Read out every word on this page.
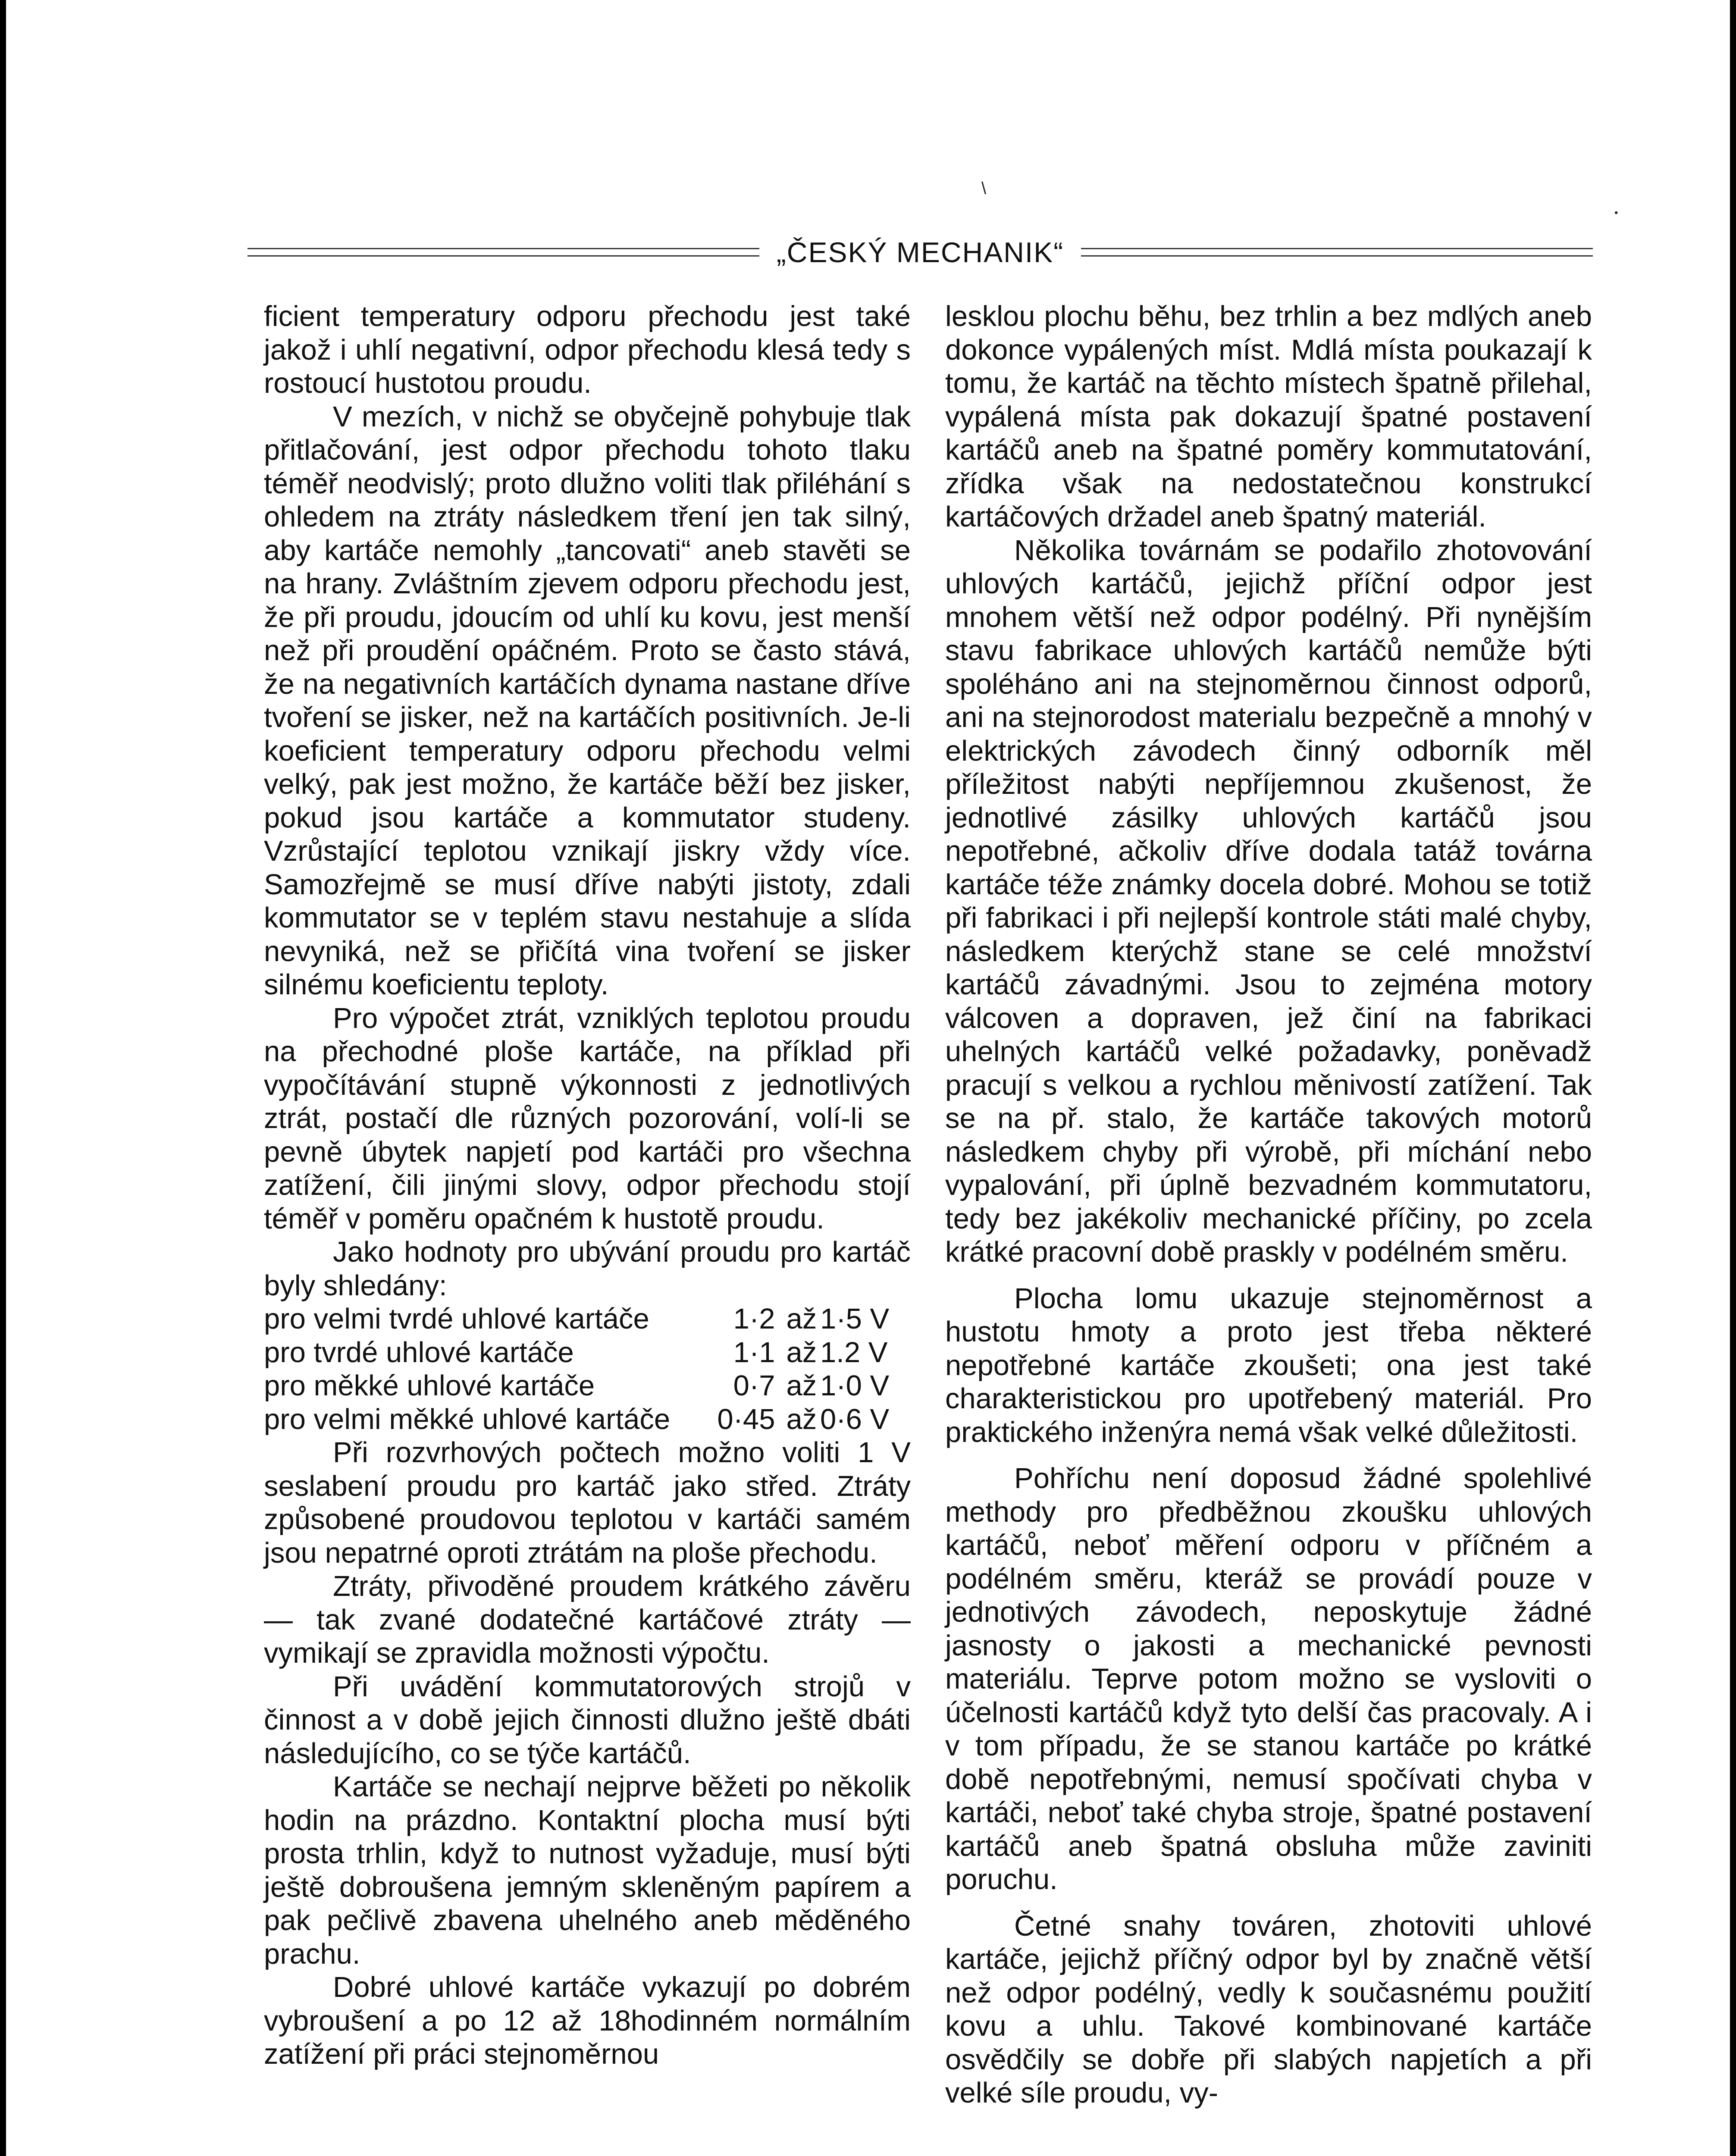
\
•
„ČESKÝ MECHANIK“

ficient temperatury odporu přechodu jest také jakož i uhlí negativní, odpor přechodu klesá tedy s rostoucí hustotou proudu.

V mezích, v nichž se obyčejně pohybuje tlak přitlačování, jest odpor přechodu tohoto tlaku téměř neodvislý; proto dlužno voliti tlak přiléhání s ohledem na ztráty následkem tření jen tak silný, aby kartáče nemohly „tancovati“ aneb stavěti se na hrany. Zvláštním zjevem odporu přechodu jest, že při proudu, jdoucím od uhlí ku kovu, jest menší než při proudění opáčném. Proto se často stává, že na negativních kartáčích dynama nastane dříve tvoření se jisker, než na kartáčích positivních. Je-li koeficient temperatury odporu přechodu velmi velký, pak jest možno, že kartáče běží bez jisker, pokud jsou kartáče a kommutator studeny. Vzrůstající teplotou vznikají jiskry vždy více. Samozřejmě se musí dříve nabýti jistoty, zdali kommutator se v teplém stavu nestahuje a slída nevyniká, než se přičítá vina tvoření se jisker silnému koeficientu teploty.

Pro výpočet ztrát, vzniklých teplotou proudu na přechodné ploše kartáče, na příklad při vypočítávání stupně výkonnosti z jednotlivých ztrát, postačí dle různých pozorování, volí-li se pevně úbytek napjetí pod kartáči pro všechna zatížení, čili jinými slovy, odpor přechodu stojí téměř v poměru opačném k hustotě proudu.

Jako hodnoty pro ubývání proudu pro kartáč byly shledány:

pro velmi tvrdé uhlové kartáče	1·2	až	1·5 V
pro tvrdé uhlové kartáče	1·1	až	1.2 V
pro měkké uhlové kartáče	0·7	až	1·0 V
pro velmi měkké uhlové kartáče	0·45	až	0·6 V

Při rozvrhových počtech možno voliti 1 V seslabení proudu pro kartáč jako střed. Ztráty způsobené proudovou teplotou v kartáči samém jsou nepatrné oproti ztrátám na ploše přechodu.

Ztráty, přivoděné proudem krátkého závěru — tak zvané dodatečné kartáčové ztráty — vymikají se zpravidla možnosti výpočtu.

Při uvádění kommutatorových strojů v činnost a v době jejich činnosti dlužno ještě dbáti následujícího, co se týče kartáčů.

Kartáče se nechají nejprve běžeti po několik hodin na prázdno. Kontaktní plocha musí býti prosta trhlin, když to nutnost vyžaduje, musí býti ještě dobroušena jemným skleněným papírem a pak pečlivě zbavena uhelného aneb měděného prachu.

Dobré uhlové kartáče vykazují po dobrém vybroušení a po 12 až 18hodinném normálním zatížení při práci stejnoměrnou

lesklou plochu běhu, bez trhlin a bez mdlých aneb dokonce vypálených míst. Mdlá místa poukazají k tomu, že kartáč na těchto místech špatně přilehal, vypálená místa pak dokazují špatné postavení kartáčů aneb na špatné poměry kommutatování, zřídka však na nedostatečnou konstrukcí kartáčových držadel aneb špatný materiál.

Několika továrnám se podařilo zhotovování uhlových kartáčů, jejichž příční odpor jest mnohem větší než odpor podélný. Při nynějším stavu fabrikace uhlových kartáčů nemůže býti spoléháno ani na stejnoměrnou činnost odporů, ani na stejnorodost materialu bezpečně a mnohý v elektrických závodech činný odborník měl příležitost nabýti nepříjemnou zkušenost, že jednotlivé zásilky uhlových kartáčů jsou nepotřebné, ačkoliv dříve dodala tatáž továrna kartáče téže známky docela dobré. Mohou se totiž při fabrikaci i při nejlepší kontrole státi malé chyby, následkem kterýchž stane se celé množství kartáčů závadnými. Jsou to zejména motory válcoven a dopraven, jež činí na fabrikaci uhelných kartáčů velké požadavky, poněvadž pracují s velkou a rychlou měnivostí zatížení. Tak se na př. stalo, že kartáče takových motorů následkem chyby při výrobě, při míchání nebo vypalování, při úplně bezvadném kommutatoru, tedy bez jakékoliv mechanické příčiny, po zcela krátké pracovní době praskly v podélném směru.

Plocha lomu ukazuje stejnoměrnost a hustotu hmoty a proto jest třeba některé nepotřebné kartáče zkoušeti; ona jest také charakteristickou pro upotřebený materiál. Pro praktického inženýra nemá však velké důležitosti.

Pohříchu není doposud žádné spolehlivé methody pro předběžnou zkoušku uhlových kartáčů, neboť měření odporu v příčném a podélném směru, kteráž se provádí pouze v jednotivých závodech, neposkytuje žádné jasnosty o jakosti a mechanické pevnosti materiálu. Teprve potom možno se vysloviti o účelnosti kartáčů když tyto delší čas pracovaly. A i v tom případu, že se stanou kartáče po krátké době nepotřebnými, nemusí spočívati chyba v kartáči, neboť také chyba stroje, špatné postavení kartáčů aneb špatná obsluha může zaviniti poruchu.

Četné snahy továren, zhotoviti uhlové kartáče, jejichž příčný odpor byl by značně větší než odpor podélný, vedly k současnému použití kovu a uhlu. Takové kombinované kartáče osvědčily se dobře při slabých napjetích a při velké síle proudu, vy-
